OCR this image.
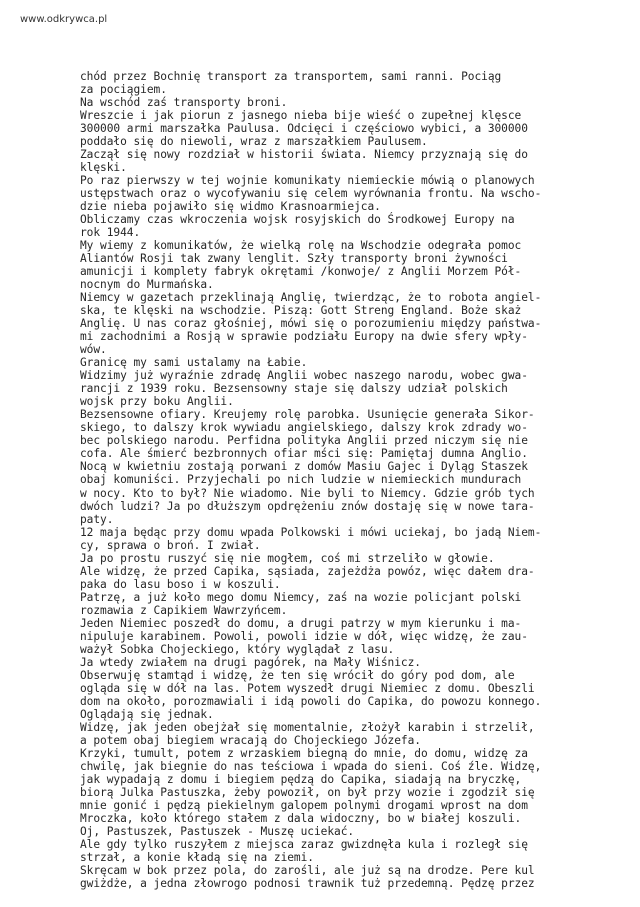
www.odkrywca.pl
chód przez Bochnię transport za transportem, sami ranni. Pociąg
za pociągiem.
Na wschód zaś transporty broni.
Wreszcie i jak piorun z jasnego nieba bije wieść o zupełnej klęsce
300000 armi marszałka Paulusa. Odcięci i częściowo wybici, a 300000
poddało się do niewoli, wraz z marszałkiem Paulusem.
Zaczął się nowy rozdział w historii świata. Niemcy przyznają się do
klęski.
Po raz pierwszy w tej wojnie komunikaty niemieckie mówią o planowych
ustępstwach oraz o wycofywaniu się celem wyrównania frontu. Na wscho-
dzie nieba pojawiło się widmo Krasnoarmiejca.
Obliczamy czas wkroczenia wojsk rosyjskich do Środkowej Europy na
rok 1944.
My wiemy z komunikatów, że wielką rolę na Wschodzie odegrała pomoc
Aliantów Rosji tak zwany lenglit. Szły transporty broni żywności
amunicji i komplety fabryk okrętami /konwoje/ z Anglii Morzem Pół-
nocnym do Murmańska.
Niemcy w gazetach przeklinają Anglię, twierdząc, że to robota angiel-
ska, te klęski na wschodzie. Piszą: Gott Streng England. Boże skaż
Anglię. U nas coraz głośniej, mówi się o porozumieniu między państwa-
mi zachodnimi a Rosją w sprawie podziału Europy na dwie sfery wpły-
wów.
Granicę my sami ustalamy na Łabie.
Widzimy już wyraźnie zdradę Anglii wobec naszego narodu, wobec gwa-
rancji z 1939 roku. Bezsensowny staje się dalszy udział polskich
wojsk przy boku Anglii.
Bezsensowne ofiary. Kreujemy rolę parobka. Usunięcie generała Sikor-
skiego, to dalszy krok wywiadu angielskiego, dalszy krok zdrady wo-
bec polskiego narodu. Perfidna polityka Anglii przed niczym się nie
cofa. Ale śmierć bezbronnych ofiar mści się: Pamiętaj dumna Anglio.
Nocą w kwietniu zostają porwani z domów Masiu Gajec i Dyląg Staszek
obaj komuniści. Przyjechali po nich ludzie w niemieckich mundurach
w nocy. Kto to był? Nie wiadomo. Nie byli to Niemcy. Gdzie grób tych
dwóch ludzi? Ja po dłuższym opdrężeniu znów dostaję się w nowe tara-
paty.
12 maja będąc przy domu wpada Polkowski i mówi uciekaj, bo jadą Niem-
cy, sprawa o broń. I zwiał.
Ja po prostu ruszyć się nie mogłem, coś mi strzeliło w głowie.
Ale widzę, że przed Capika, sąsiada, zajeżdża powóz, więc dałem dra-
paka do lasu boso i w koszuli.
Patrzę, a już koło mego domu Niemcy, zaś na wozie policjant polski
rozmawia z Capikiem Wawrzyńcem.
Jeden Niemiec poszedł do domu, a drugi patrzy w mym kierunku i ma-
nipuluje karabinem. Powoli, powoli idzie w dół, więc widzę, że zau-
ważył Sobka Chojeckiego, który wyglądał z lasu.
Ja wtedy zwiałem na drugi pagórek, na Mały Wiśnicz.
Obserwuję stamtąd i widzę, że ten się wrócił do góry pod dom, ale
ogląda się w dół na las. Potem wyszedł drugi Niemiec z domu. Obeszli
dom na około, porozmawiali i idą powoli do Capika, do powozu konnego.
Oglądają się jednak.
Widzę, jak jeden obejżał się momentalnie, złożył karabin i strzelił,
a potem obaj biegiem wracają do Chojeckiego Józefa.
Krzyki, tumult, potem z wrzaskiem biegną do mnie, do domu, widzę za
chwilę, jak biegnie do nas teściowa i wpada do sieni. Coś źle. Widzę,
jak wypadają z domu i biegiem pędzą do Capika, siadają na bryczkę,
biorą Julka Pastuszka, żeby powoził, on był przy wozie i zgodził się
mnie gonić i pędzą piekielnym galopem polnymi drogami wprost na dom
Mroczka, koło którego stałem z dala widoczny, bo w białej koszuli.
Oj, Pastuszek, Pastuszek - Muszę uciekać.
Ale gdy tylko ruszyłem z miejsca zaraz gwizdnęła kula i rozległ się
strzał, a konie kładą się na ziemi.
Skręcam w bok przez pola, do zarośli, ale już są na drodze. Pere kul
gwiżdże, a jedna złowrogo podnosi trawnik tuż przedemną. Pędzę przez
